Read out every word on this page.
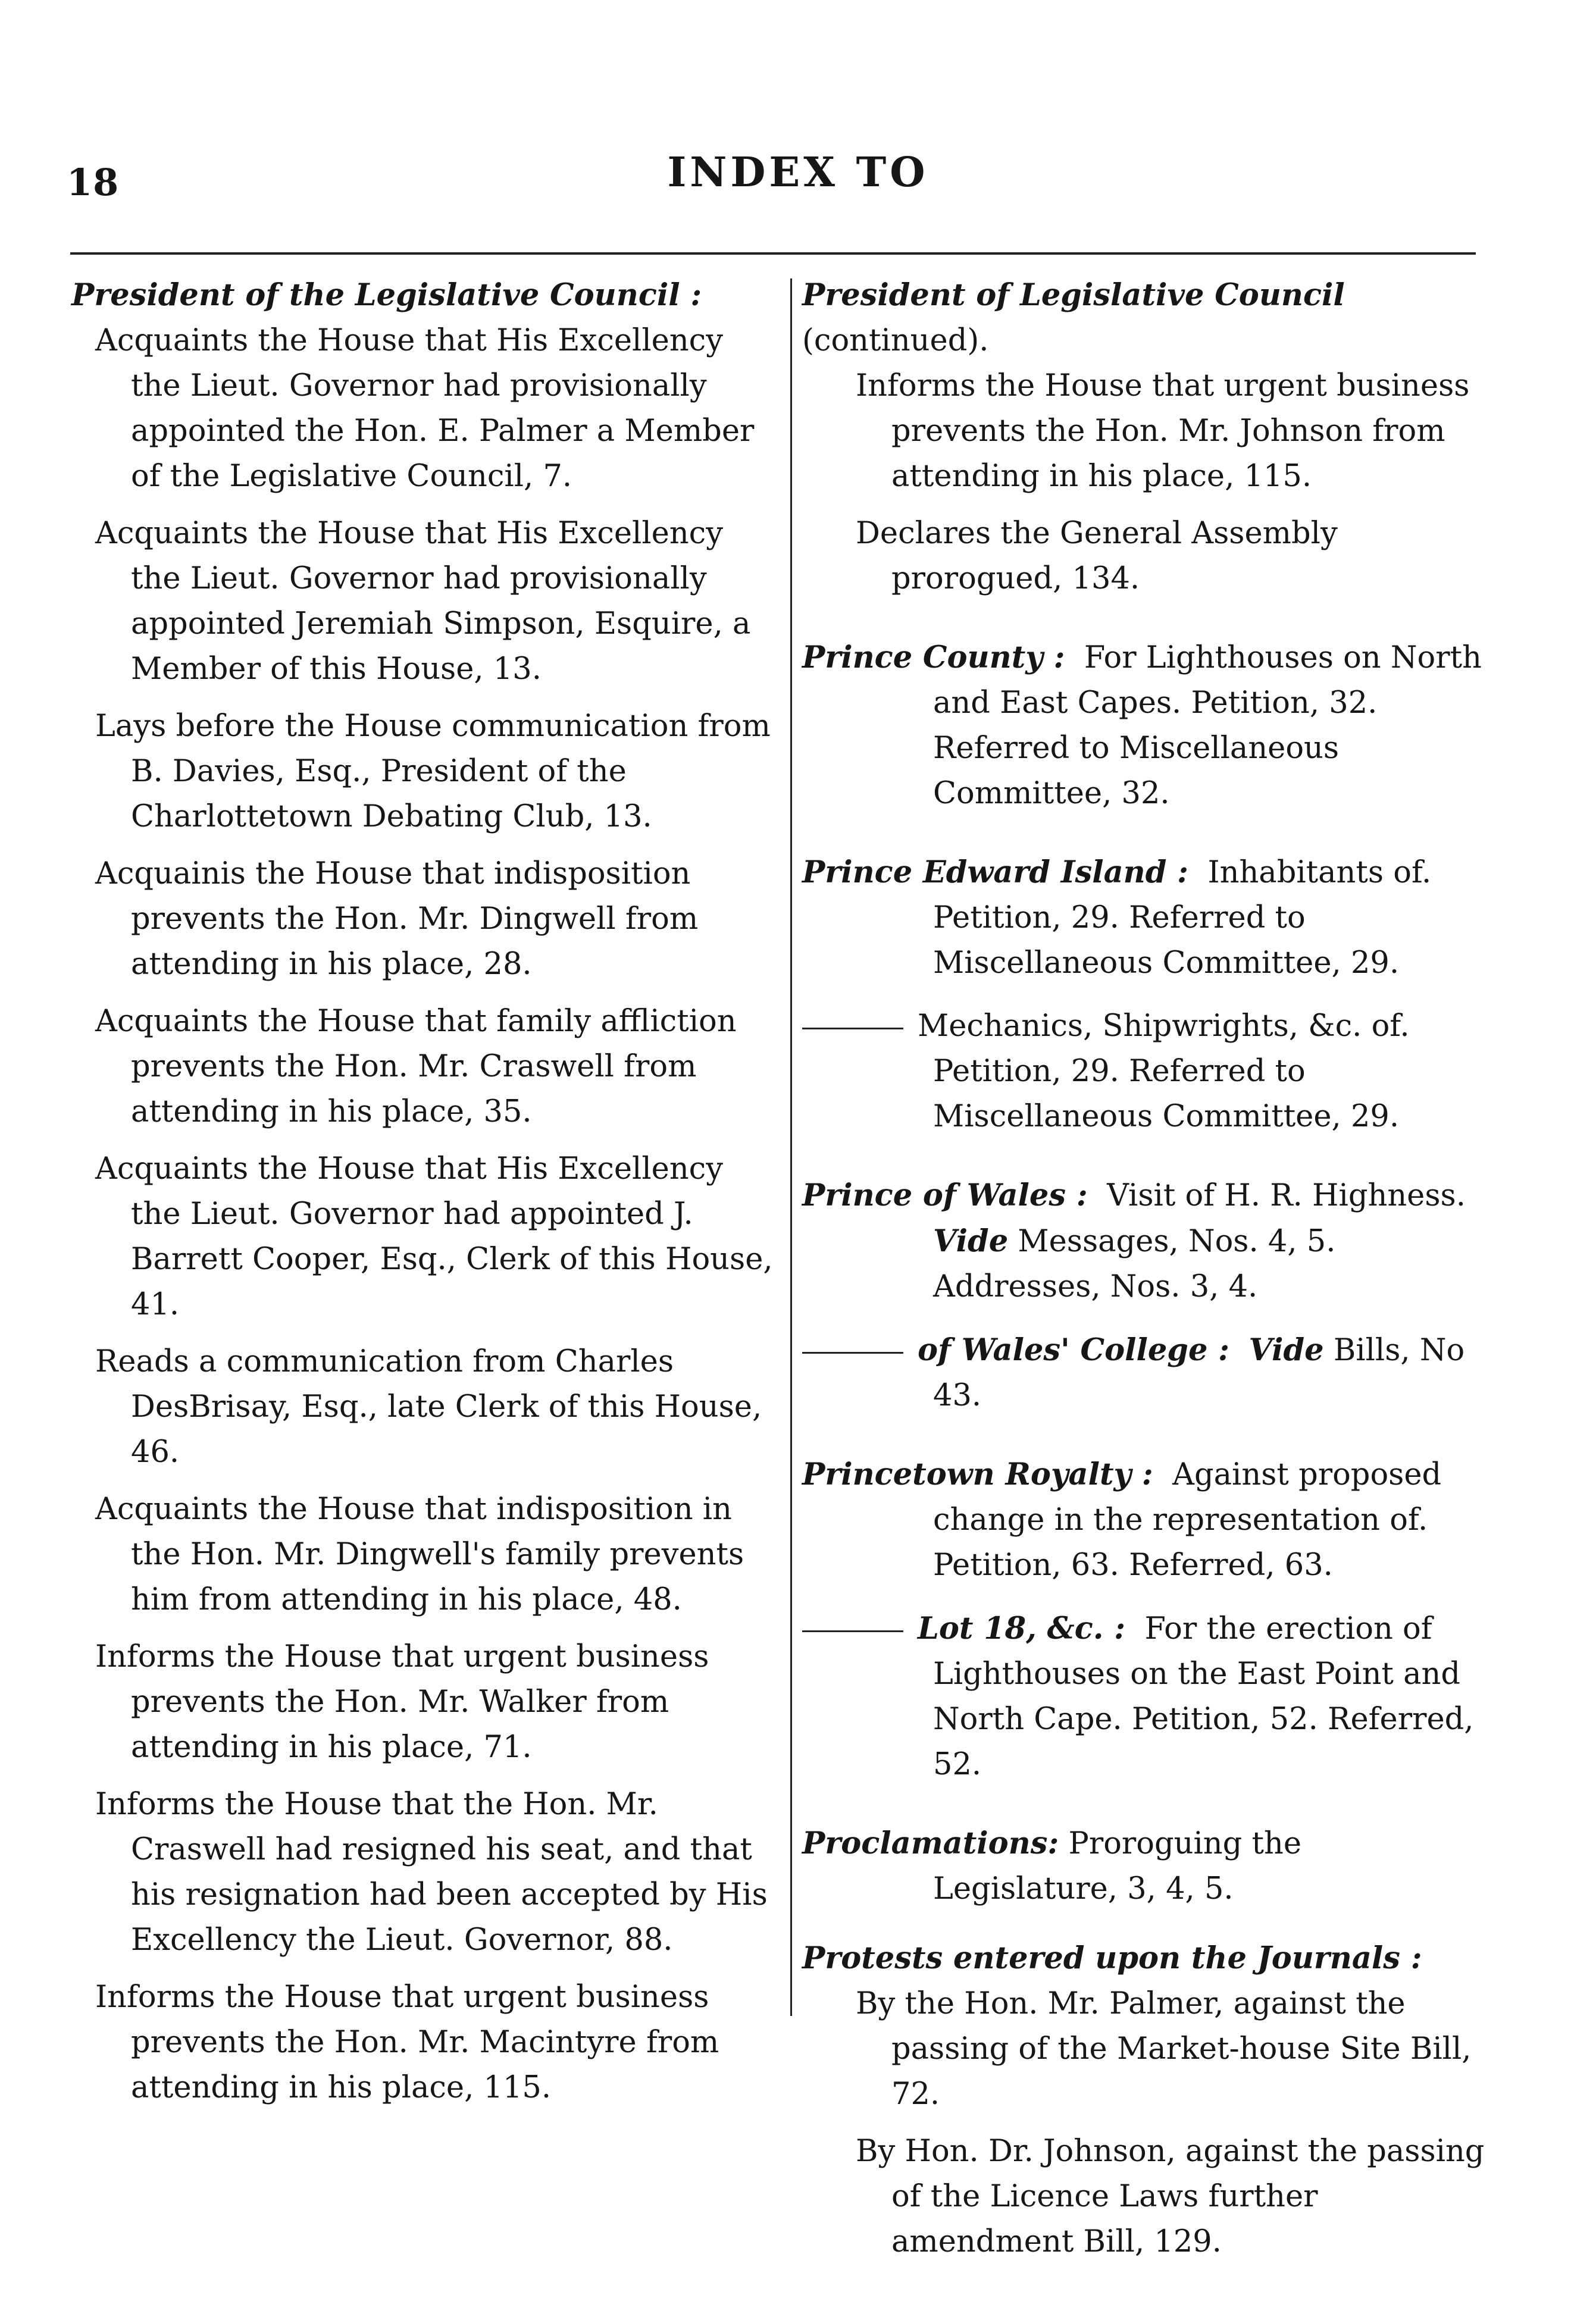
18	INDEX TO

President of the Legislative Council :

Acquaints the House that His Excellency the Lieut. Governor had provisionally appointed the Hon. E. Palmer a Member of the Legislative Council, 7.
Acquaints the House that His Excellency the Lieut. Governor had provisionally appointed Jeremiah Simpson, Esquire, a Member of this House, 13.
Lays before the House communication from B. Davies, Esq., President of the Charlottetown Debating Club, 13.
Acquainis the House that indisposition prevents the Hon. Mr. Dingwell from attending in his place, 28.
Acquaints the House that family affliction prevents the Hon. Mr. Craswell from attending in his place, 35.
Acquaints the House that His Excellency the Lieut. Governor had appointed J. Barrett Cooper, Esq., Clerk of this House, 41.
Reads a communication from Charles DesBrisay, Esq., late Clerk of this House, 46.
Acquaints the House that indisposition in the Hon. Mr. Dingwell's family prevents him from attending in his place, 48.
Informs the House that urgent business prevents the Hon. Mr. Walker from attending in his place, 71.
Informs the House that the Hon. Mr. Craswell had resigned his seat, and that his resignation had been accepted by His Excellency the Lieut. Governor, 88.
Informs the House that urgent business prevents the Hon. Mr. Macintyre from attending in his place, 115.

President of Legislative Council (continued).

Informs the House that urgent business prevents the Hon. Mr. Johnson from attending in his place, 115.
Declares the General Assembly prorogued, 134.

Prince County : For Lighthouses on North and East Capes. Petition, 32. Referred to Miscellaneous Committee, 32.

Prince Edward Island : Inhabitants of. Petition, 29. Referred to Miscellaneous Committee, 29.

Mechanics, Shipwrights, &c. of. Petition, 29. Referred to Miscellaneous Committee, 29.

Prince of Wales : Visit of H. R. Highness.  Vide Messages, Nos. 4, 5. Addresses, Nos. 3, 4.

of Wales' College : Vide Bills, No 43.

Princetown Royalty : Against proposed change in the representation of. Petition, 63. Referred, 63.

Lot 18, &c. : For the erection of Lighthouses on the East Point and North Cape. Petition, 52. Referred, 52.

Proclamations: Proroguing the Legislature, 3, 4, 5.

Protests entered upon the Journals :

By the Hon. Mr. Palmer, against the passing of the Market-house Site Bill, 72.
By Hon. Dr. Johnson, against the passing of the Licence Laws further amendment Bill, 129.
